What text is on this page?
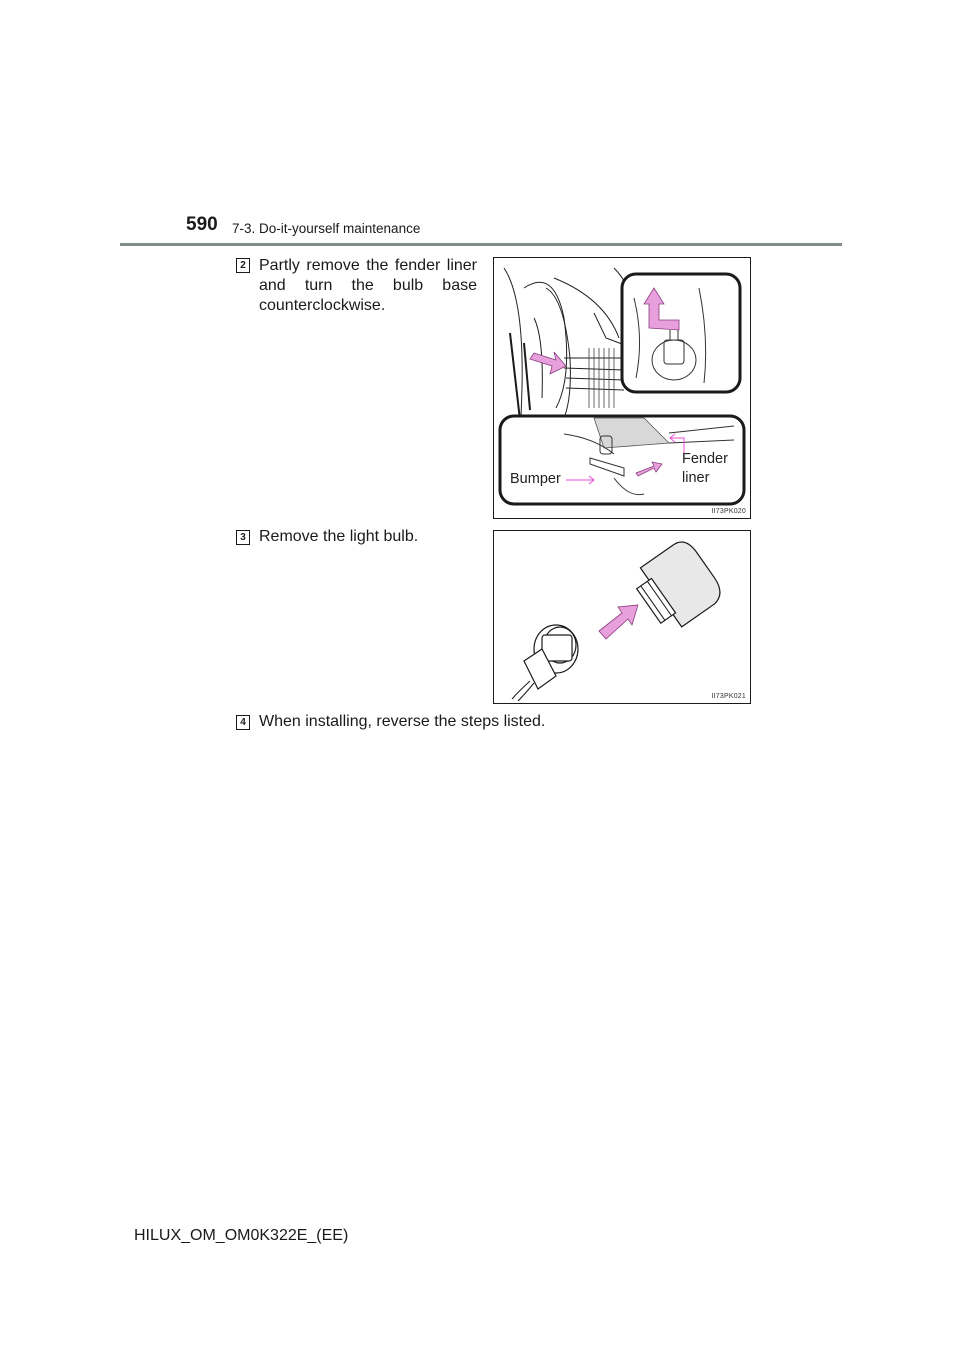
590 7-3. Do-it-yourself maintenance
2 Partly remove the fender liner and turn the bulb base counterclockwise.
Bumper
Fender
liner
II73PK020
3 Remove the light bulb.
II73PK021
4 When installing, reverse the steps listed.
HILUX_OM_OM0K322E_(EE)
